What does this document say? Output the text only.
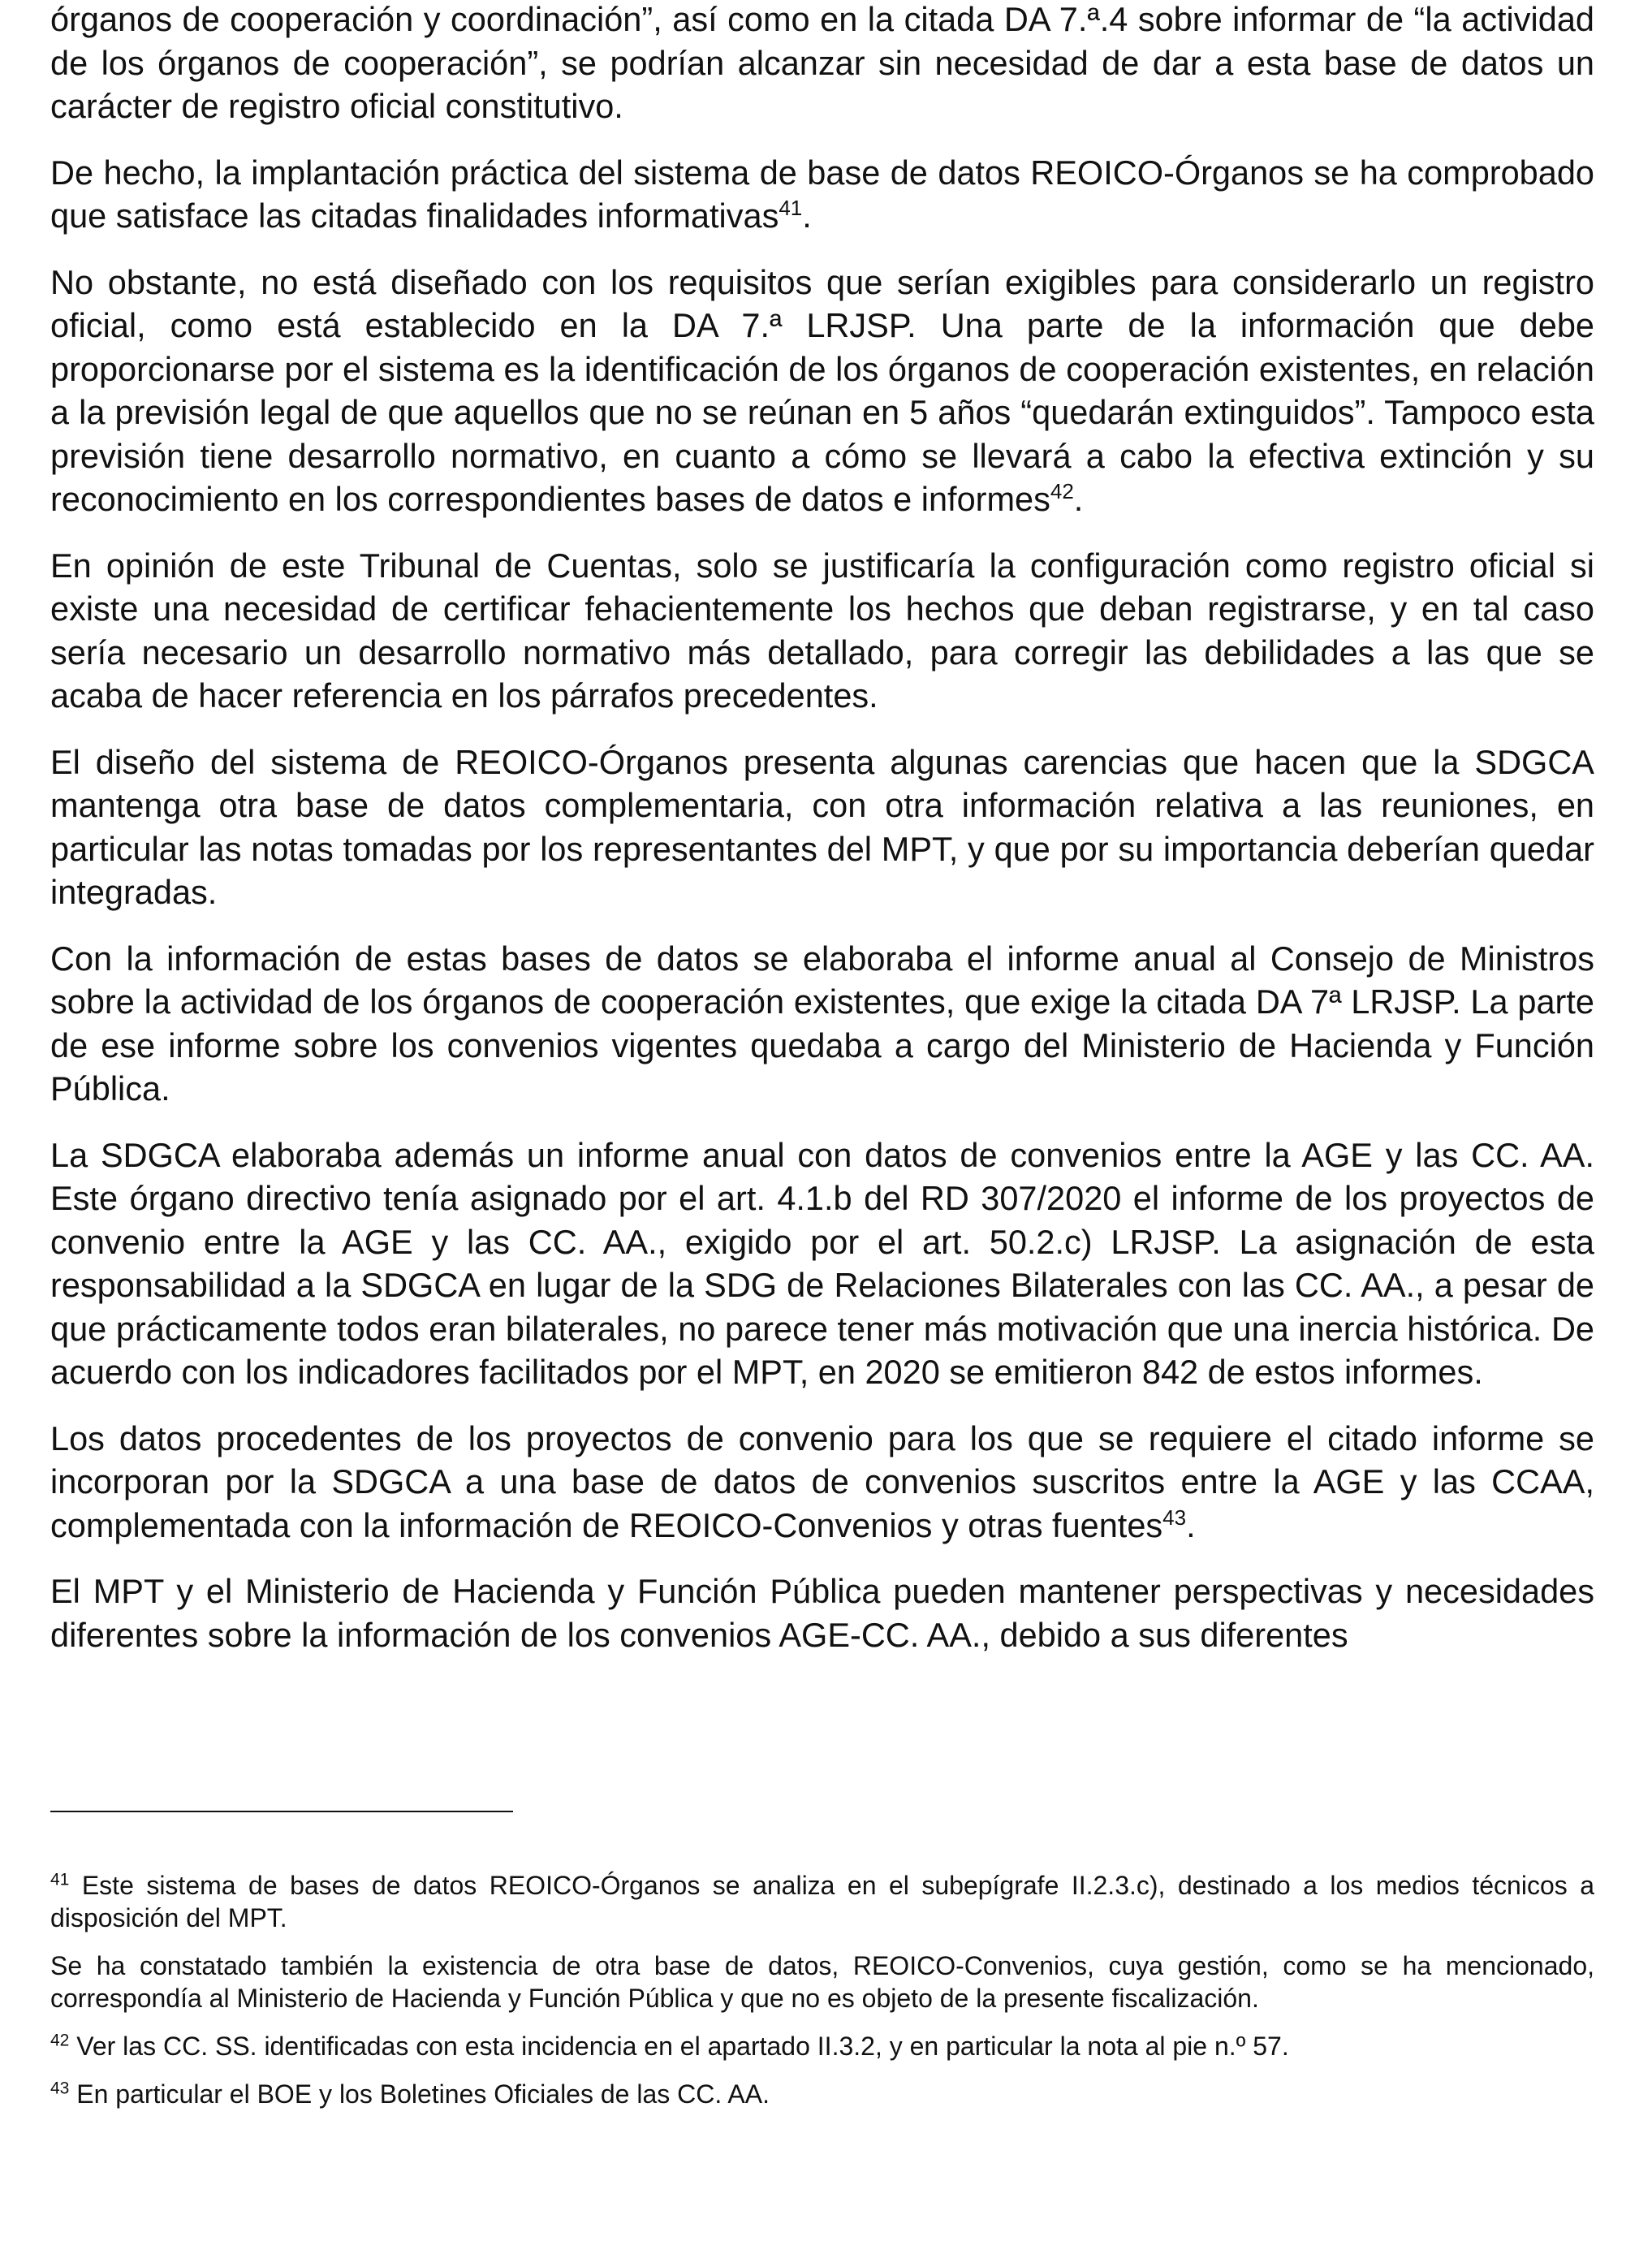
órganos de cooperación y coordinación”, así como en la citada DA 7.ª.4 sobre informar de “la actividad de los órganos de cooperación”, se podrían alcanzar sin necesidad de dar a esta base de datos un carácter de registro oficial constitutivo.

De hecho, la implantación práctica del sistema de base de datos REOICO-Órganos se ha comprobado que satisface las citadas finalidades informativas$^{41}$.

No obstante, no está diseñado con los requisitos que serían exigibles para considerarlo un registro oficial, como está establecido en la DA 7.ª LRJSP. Una parte de la información que debe proporcionarse por el sistema es la identificación de los órganos de cooperación existentes, en relación a la previsión legal de que aquellos que no se reúnan en 5 años “quedarán extinguidos”. Tampoco esta previsión tiene desarrollo normativo, en cuanto a cómo se llevará a cabo la efectiva extinción y su reconocimiento en los correspondientes bases de datos e informes$^{42}$.

En opinión de este Tribunal de Cuentas, solo se justificaría la configuración como registro oficial si existe una necesidad de certificar fehacientemente los hechos que deban registrarse, y en tal caso sería necesario un desarrollo normativo más detallado, para corregir las debilidades a las que se acaba de hacer referencia en los párrafos precedentes.

El diseño del sistema de REOICO-Órganos presenta algunas carencias que hacen que la SDGCA mantenga otra base de datos complementaria, con otra información relativa a las reuniones, en particular las notas tomadas por los representantes del MPT, y que por su importancia deberían quedar integradas.

Con la información de estas bases de datos se elaboraba el informe anual al Consejo de Ministros sobre la actividad de los órganos de cooperación existentes, que exige la citada DA 7ª LRJSP. La parte de ese informe sobre los convenios vigentes quedaba a cargo del Ministerio de Hacienda y Función Pública.

La SDGCA elaboraba además un informe anual con datos de convenios entre la AGE y las CC. AA. Este órgano directivo tenía asignado por el art. 4.1.b del RD 307/2020 el informe de los proyectos de convenio entre la AGE y las CC. AA., exigido por el art. 50.2.c) LRJSP. La asignación de esta responsabilidad a la SDGCA en lugar de la SDG de Relaciones Bilaterales con las CC. AA., a pesar de que prácticamente todos eran bilaterales, no parece tener más motivación que una inercia histórica. De acuerdo con los indicadores facilitados por el MPT, en 2020 se emitieron 842 de estos informes.

Los datos procedentes de los proyectos de convenio para los que se requiere el citado informe se incorporan por la SDGCA a una base de datos de convenios suscritos entre la AGE y las CCAA, complementada con la información de REOICO-Convenios y otras fuentes$^{43}$.

El MPT y el Ministerio de Hacienda y Función Pública pueden mantener perspectivas y necesidades diferentes sobre la información de los convenios AGE-CC. AA., debido a sus diferentes

$^{41}$ Este sistema de bases de datos REOICO-Órganos se analiza en el subepígrafe II.2.3.c), destinado a los medios técnicos a disposición del MPT.

Se ha constatado también la existencia de otra base de datos, REOICO-Convenios, cuya gestión, como se ha mencionado, correspondía al Ministerio de Hacienda y Función Pública y que no es objeto de la presente fiscalización.

$^{42}$ Ver las CC. SS. identificadas con esta incidencia en el apartado II.3.2, y en particular la nota al pie n.º 57.

$^{43}$ En particular el BOE y los Boletines Oficiales de las CC. AA.
